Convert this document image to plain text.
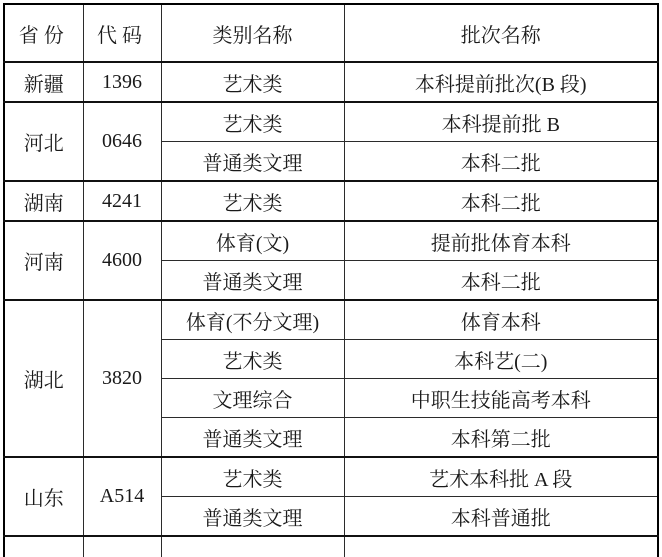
省份	代码	类别名称	批次名称
新疆	1396	艺术类	本科提前批次(B 段)
河北	0646	艺术类	本科提前批 B
		普通类文理	本科二批
湖南	4241	艺术类	本科二批
河南	4600	体育(文)	提前批体育本科
		普通类文理	本科二批
湖北	3820	体育(不分文理)	体育本科
		艺术类	本科艺(二)
		文理综合	中职生技能高考本科
		普通类文理	本科第二批
山东	A514	艺术类	艺术本科批 A 段
		普通类文理	本科普通批
